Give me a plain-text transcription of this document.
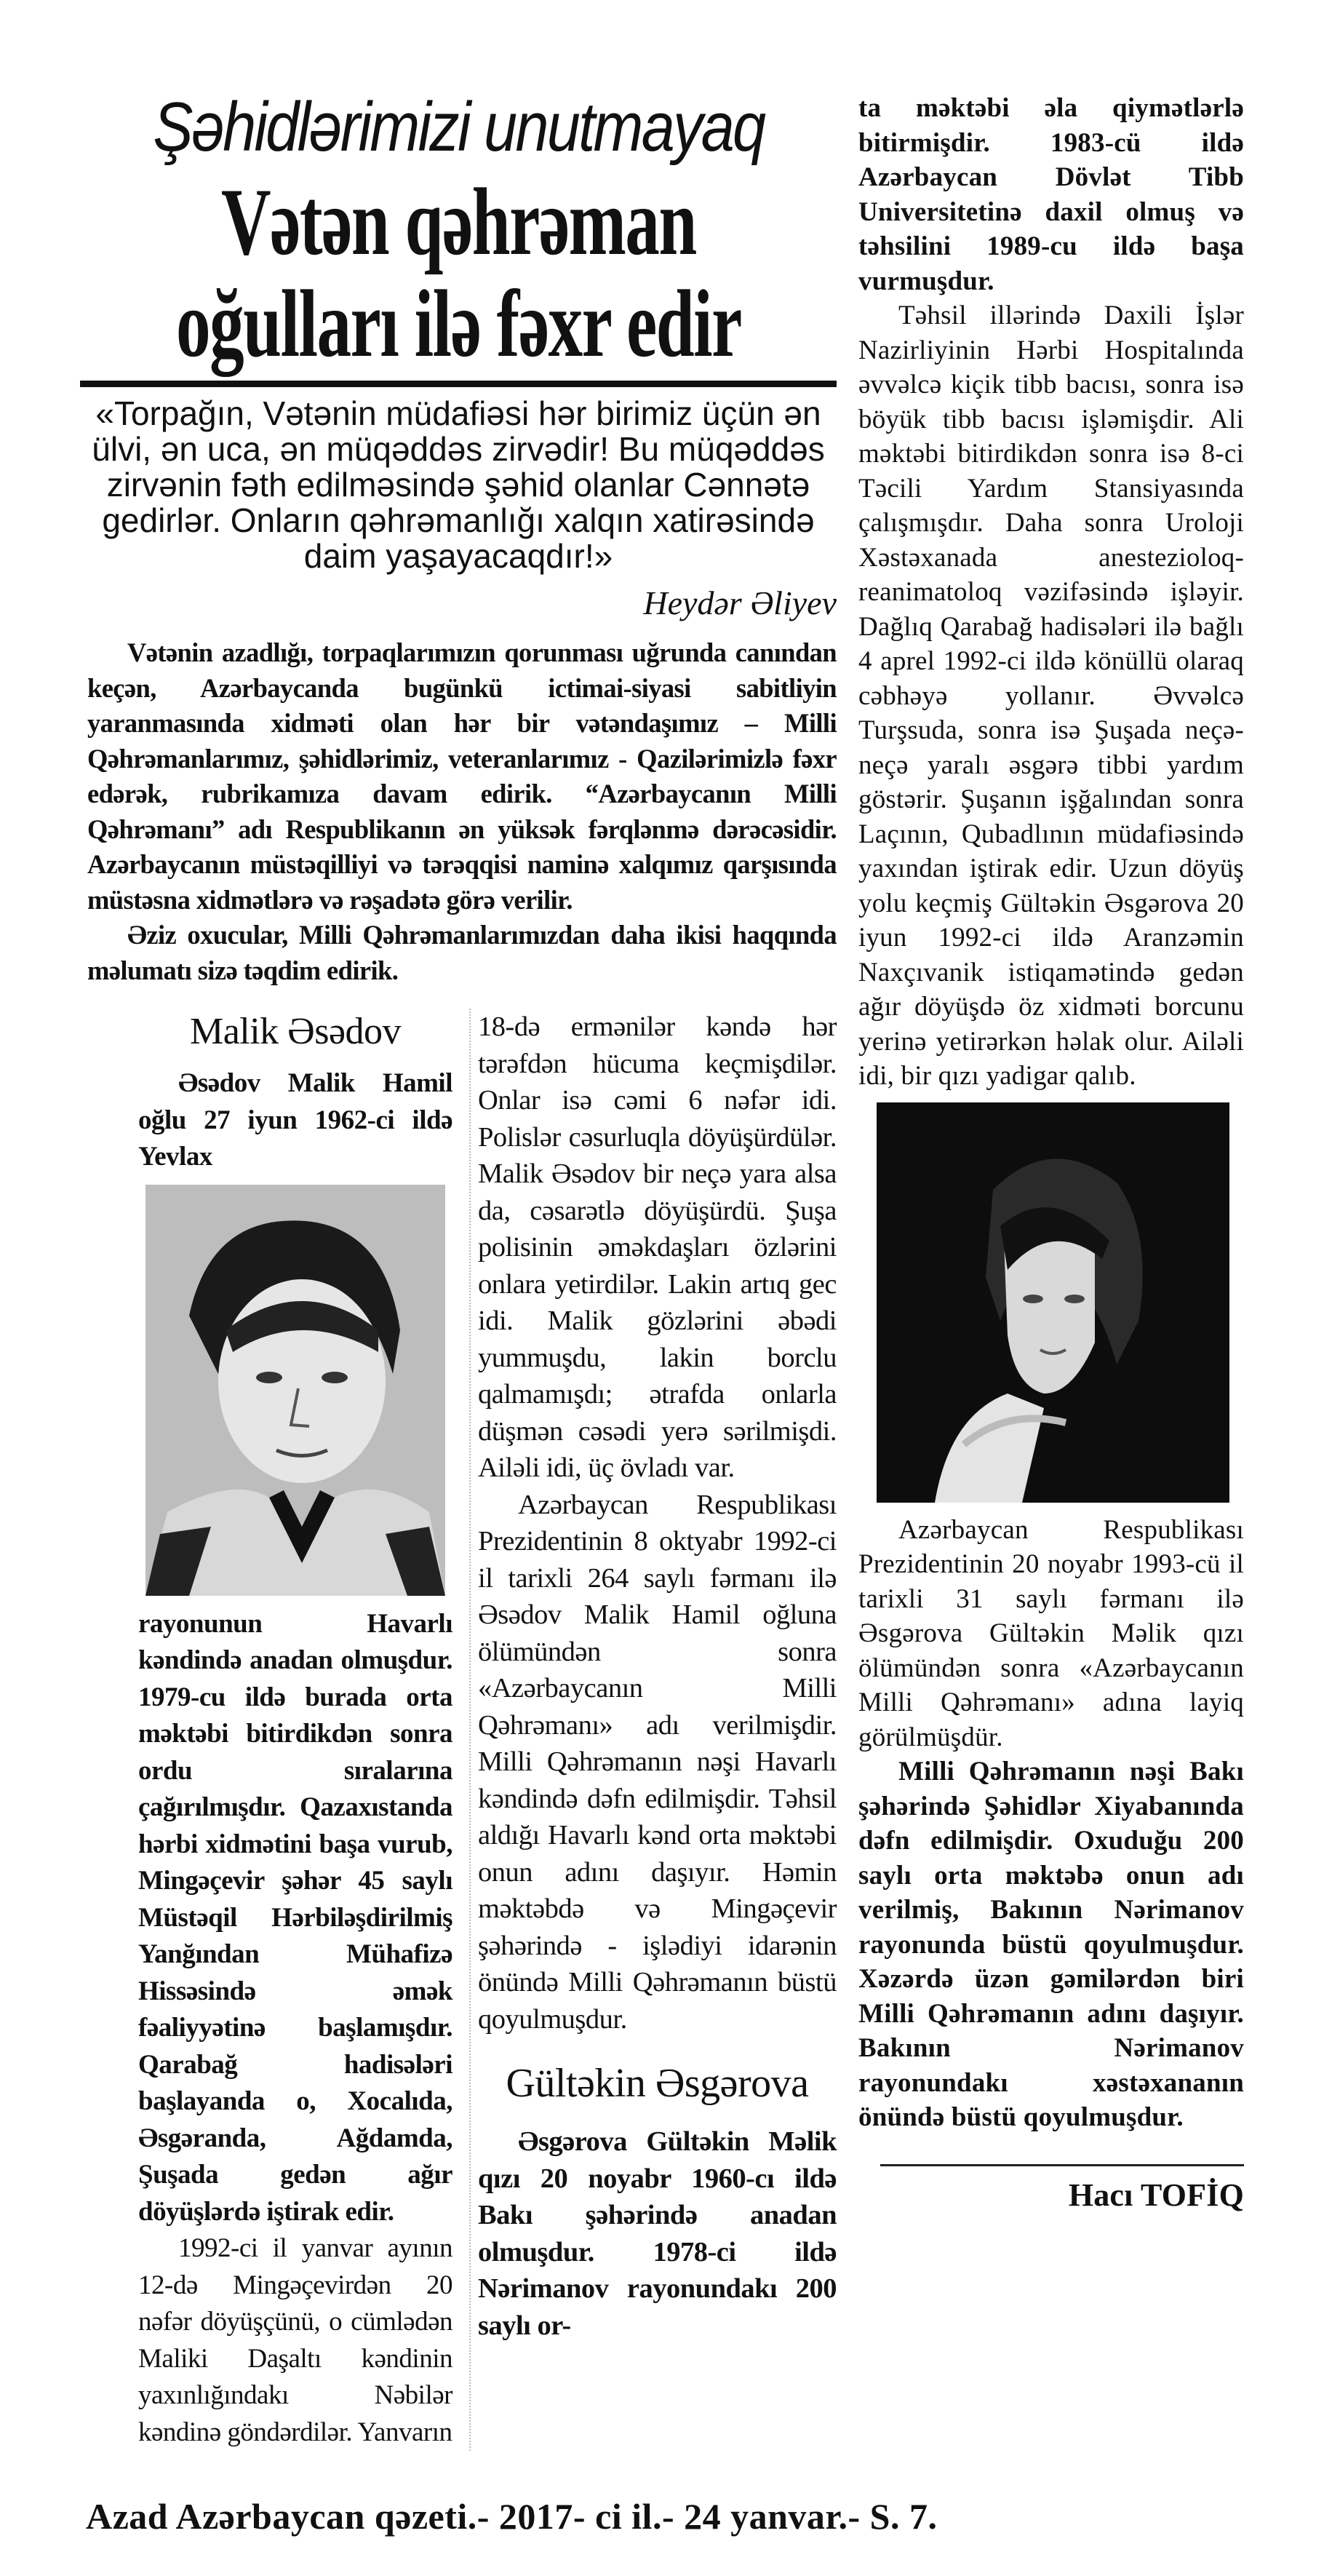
Şəhidlərimizi unutmayaq
Vətən qəhrəman
oğulları ilə fəxr edir
«Torpağın, Vətənin müdafiəsi hər birimiz üçün ən ülvi, ən uca, ən müqəddəs zirvədir! Bu müqəddəs zirvənin fəth edilməsində şəhid olanlar Cənnətə gedirlər. Onların qəhrəmanlığı xalqın xatirəsində daim yaşayacaqdır!»
Heydər Əliyev

Vətənin azadlığı, torpaqlarımızın qorunması uğrunda canından keçən, Azərbaycanda bugünkü ictimai-siyasi sabitliyin yaranmasında xidməti olan hər bir vətəndaşımız – Milli Qəhrəmanlarımız, şəhidlərimiz, veteranlarımız - Qazilərimizlə fəxr edərək, rubrikamıza davam edirik. “Azərbaycanın Milli Qəhrəmanı” adı Respublikanın ən yüksək fərqlənmə dərəcəsidir. Azərbaycanın müstəqilliyi və tərəqqisi naminə xalqımız qarşısında müstəsna xidmətlərə və rəşadətə görə verilir.

Əziz oxucular, Milli Qəhrəmanlarımızdan daha ikisi haqqında məlumatı sizə təqdim edirik.

Malik Əsədov

Əsədov Malik Hamil oğlu 27 iyun 1962-ci ildə Yevlax

rayonunun Havarlı kəndində anadan olmuşdur. 1979-cu ildə burada orta məktəbi bitirdikdən sonra ordu sıralarına çağırılmışdır. Qazaxıstanda hərbi xidmətini başa vurub, Mingəçevir şəhər 45 saylı Müstəqil Hərbiləşdirilmiş Yanğından Mühafizə Hissəsində əmək fəaliyyətinə başlamışdır. Qarabağ hadisələri başlayanda o, Xocalıda, Əsgəranda, Ağdamda, Şuşada gedən ağır döyüşlərdə iştirak edir.

1992-ci il yanvar ayının 12-də Mingəçevirdən 20 nəfər döyüşçünü, o cümlədən Maliki Daşaltı kəndinin yaxınlığındakı Nəbilər kəndinə göndərdilər. Yanvarın

18-də ermənilər kəndə hər tərəfdən hücuma keçmişdilər. Onlar isə cəmi 6 nəfər idi. Polislər cəsurluqla döyüşürdülər. Malik Əsədov bir neçə yara alsa da, cəsarətlə döyüşürdü. Şuşa polisinin əməkdaşları özlərini onlara yetirdilər. Lakin artıq gec idi. Malik gözlərini əbədi yummuşdu, lakin borclu qalmamışdı; ətrafda onlarla düşmən cəsədi yerə sərilmişdi. Ailəli idi, üç övladı var.

Azərbaycan Respublikası Prezidentinin 8 oktyabr 1992-ci il tarixli 264 saylı fərmanı ilə Əsədov Malik Hamil oğluna ölümündən sonra «Azərbaycanın Milli Qəhrəmanı» adı verilmişdir. Milli Qəhrəmanın nəşi Havarlı kəndində dəfn edilmişdir. Təhsil aldığı Havarlı kənd orta məktəbi onun adını daşıyır. Həmin məktəbdə və Mingəçevir şəhərində - işlədiyi idarənin önündə Milli Qəhrəmanın büstü qoyulmuşdur.

Gültəkin Əsgərova

Əsgərova Gültəkin Məlik qızı 20 noyabr 1960-cı ildə Bakı şəhərində anadan olmuşdur. 1978-ci ildə Nərimanov rayonundakı 200 saylı or-

ta məktəbi əla qiymətlərlə bitirmişdir. 1983-cü ildə Azərbaycan Dövlət Tibb Universitetinə daxil olmuş və təhsilini 1989-cu ildə başa vurmuşdur.

Təhsil illərində Daxili İşlər Nazirliyinin Hərbi Hospitalında əvvəlcə kiçik tibb bacısı, sonra isə böyük tibb bacısı işləmişdir. Ali məktəbi bitirdikdən sonra isə 8-ci Təcili Yardım Stansiyasında çalışmışdır. Daha sonra Uroloji Xəstəxanada anestezioloq-reanimatoloq vəzifəsində işləyir. Dağlıq Qarabağ hadisələri ilə bağlı 4 aprel 1992-ci ildə könüllü olaraq cəbhəyə yollanır. Əvvəlcə Turşsuda, sonra isə Şuşada neçə-neçə yaralı əsgərə tibbi yardım göstərir. Şuşanın işğalından sonra Laçının, Qubadlının müdafiəsində yaxından iştirak edir. Uzun döyüş yolu keçmiş Gültəkin Əsgərova 20 iyun 1992-ci ildə Aranzəmin Naxçıvanik istiqamətində gedən ağır döyüşdə öz xidməti borcunu yerinə yetirərkən həlak olur. Ailəli idi, bir qızı yadigar qalıb.

Azərbaycan Respublikası Prezidentinin 20 noyabr 1993-cü il tarixli 31 saylı fərmanı ilə Əsgərova Gültəkin Məlik qızı ölümündən sonra «Azərbaycanın Milli Qəhrəmanı» adına layiq görülmüşdür.

Milli Qəhrəmanın nəşi Bakı şəhərində Şəhidlər Xiyabanında dəfn edilmişdir. Oxuduğu 200 saylı orta məktəbə onun adı verilmiş, Bakının Nərimanov rayonunda büstü qoyulmuşdur. Xəzərdə üzən gəmilərdən biri Milli Qəhrəmanın adını daşıyır. Bakının Nərimanov rayonundakı xəstəxananın önündə büstü qoyulmuşdur.

Hacı TOFİQ
Azad Azərbaycan qəzeti.- 2017- ci il.- 24 yanvar.- S. 7.
